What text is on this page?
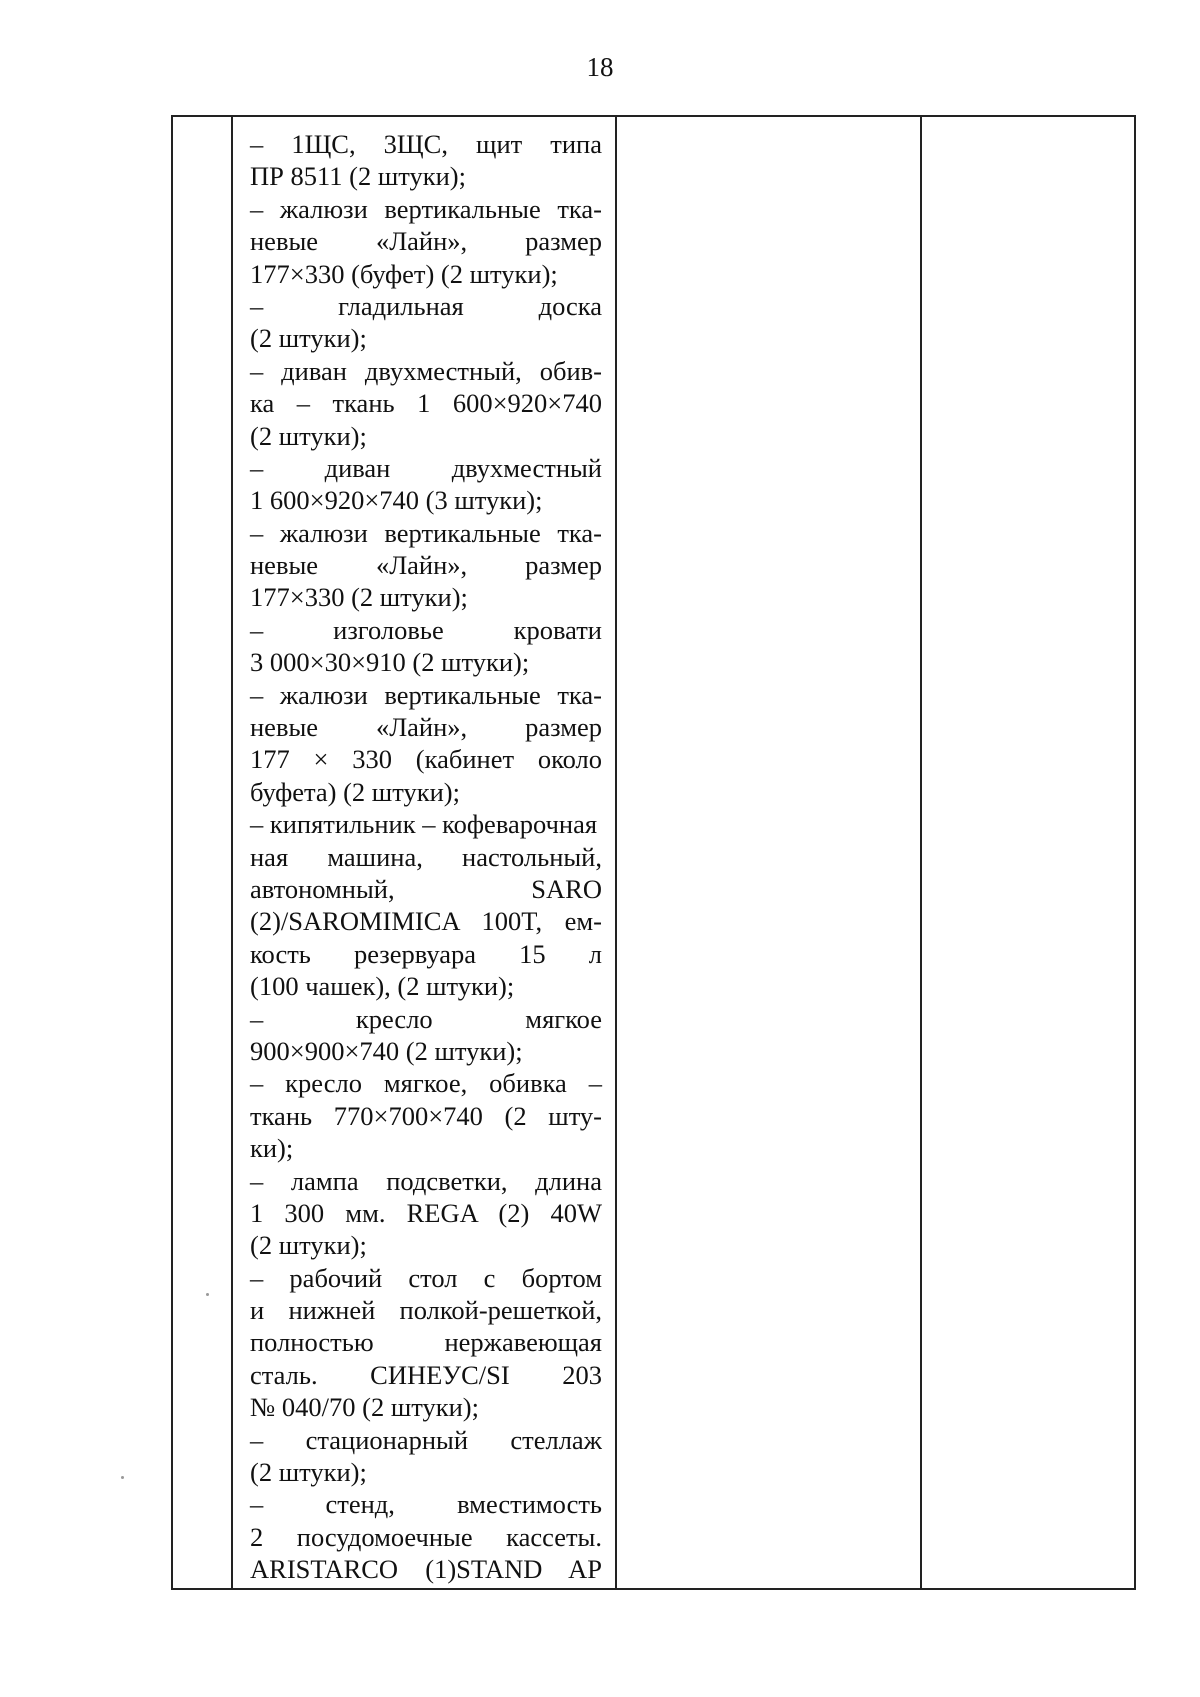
18
– 1ЩС, 3ЩС, щит типа
ПР 8511 (2 штуки);
– жалюзи вертикальные тка-
невые «Лайн», размер
177×330 (буфет) (2 штуки);
– гладильная доска
(2 штуки);
– диван двухместный, обив-
ка – ткань 1 600×920×740
(2 штуки);
– диван двухместный
1 600×920×740 (3 штуки);
– жалюзи вертикальные тка-
невые «Лайн», размер
177×330 (2 штуки);
– изголовье кровати
3 000×30×910 (2 штуки);
– жалюзи вертикальные тка-
невые «Лайн», размер
177 × 330 (кабинет около
буфета) (2 штуки);
– кипятильник – кофеварочная
ная машина, настольный,
автономный, SARO
(2)/SAROMIMICA 100T, ем-
кость резервуара 15 л
(100 чашек), (2 штуки);
– кресло мягкое
900×900×740 (2 штуки);
– кресло мягкое, обивка –
ткань 770×700×740 (2 шту-
ки);
– лампа подсветки, длина
1 300 мм. REGA (2) 40W
(2 штуки);
– рабочий стол с бортом
и нижней полкой-решеткой,
полностью нержавеющая
сталь. СИНЕУС/SI 203
№ 040/70 (2 штуки);
– стационарный стеллаж
(2 штуки);
– стенд, вместимость
2 посудомоечные кассеты.
ARISTARCO (1)STAND AP
